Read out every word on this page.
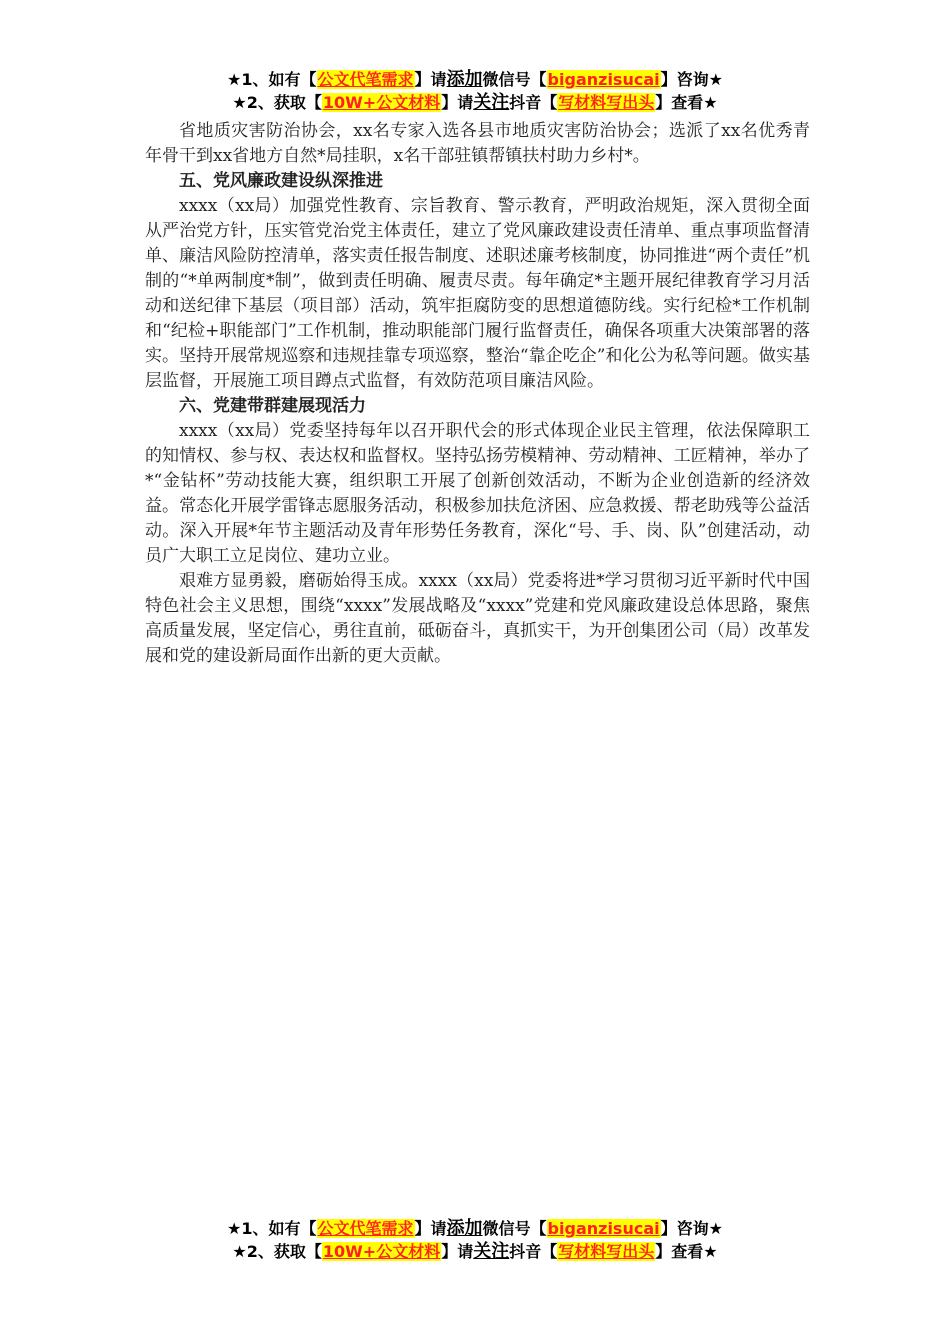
★1、如有【公文代笔需求】请添加微信号【biganzisucai】咨询★
★2、获取【10W+公文材料】请关注抖音【写材料写出头】查看★

省地质灾害防治协会，xx名专家入选各县市地质灾害防治协会；选派了xx名优秀青年骨干到xx省地方自然*局挂职，x名干部驻镇帮镇扶村助力乡村*。

五、党风廉政建设纵深推进

xxxx（xx局）加强党性教育、宗旨教育、警示教育，严明政治规矩，深入贯彻全面从严治党方针，压实管党治党主体责任，建立了党风廉政建设责任清单、重点事项监督清单、廉洁风险防控清单，落实责任报告制度、述职述廉考核制度，协同推进“两个责任”机制的“*单两制度*制”，做到责任明确、履责尽责。每年确定*主题开展纪律教育学习月活动和送纪律下基层（项目部）活动，筑牢拒腐防变的思想道德防线。实行纪检*工作机制和“纪检+职能部门”工作机制，推动职能部门履行监督责任，确保各项重大决策部署的落实。坚持开展常规巡察和违规挂靠专项巡察，整治“靠企吃企”和化公为私等问题。做实基层监督，开展施工项目蹲点式监督，有效防范项目廉洁风险。

六、党建带群建展现活力

xxxx（xx局）党委坚持每年以召开职代会的形式体现企业民主管理，依法保障职工的知情权、参与权、表达权和监督权。坚持弘扬劳模精神、劳动精神、工匠精神，举办了*“金钻杯”劳动技能大赛，组织职工开展了创新创效活动，不断为企业创造新的经济效益。常态化开展学雷锋志愿服务活动，积极参加扶危济困、应急救援、帮老助残等公益活动。深入开展*年节主题活动及青年形势任务教育，深化“号、手、岗、队”创建活动，动员广大职工立足岗位、建功立业。

艰难方显勇毅，磨砺始得玉成。xxxx（xx局）党委将进*学习贯彻习近平新时代中国特色社会主义思想，围绕“xxxx”发展战略及“xxxx”党建和党风廉政建设总体思路，聚焦高质量发展，坚定信心，勇往直前，砥砺奋斗，真抓实干，为开创集团公司（局）改革发展和党的建设新局面作出新的更大贡献。

★1、如有【公文代笔需求】请添加微信号【biganzisucai】咨询★
★2、获取【10W+公文材料】请关注抖音【写材料写出头】查看★
